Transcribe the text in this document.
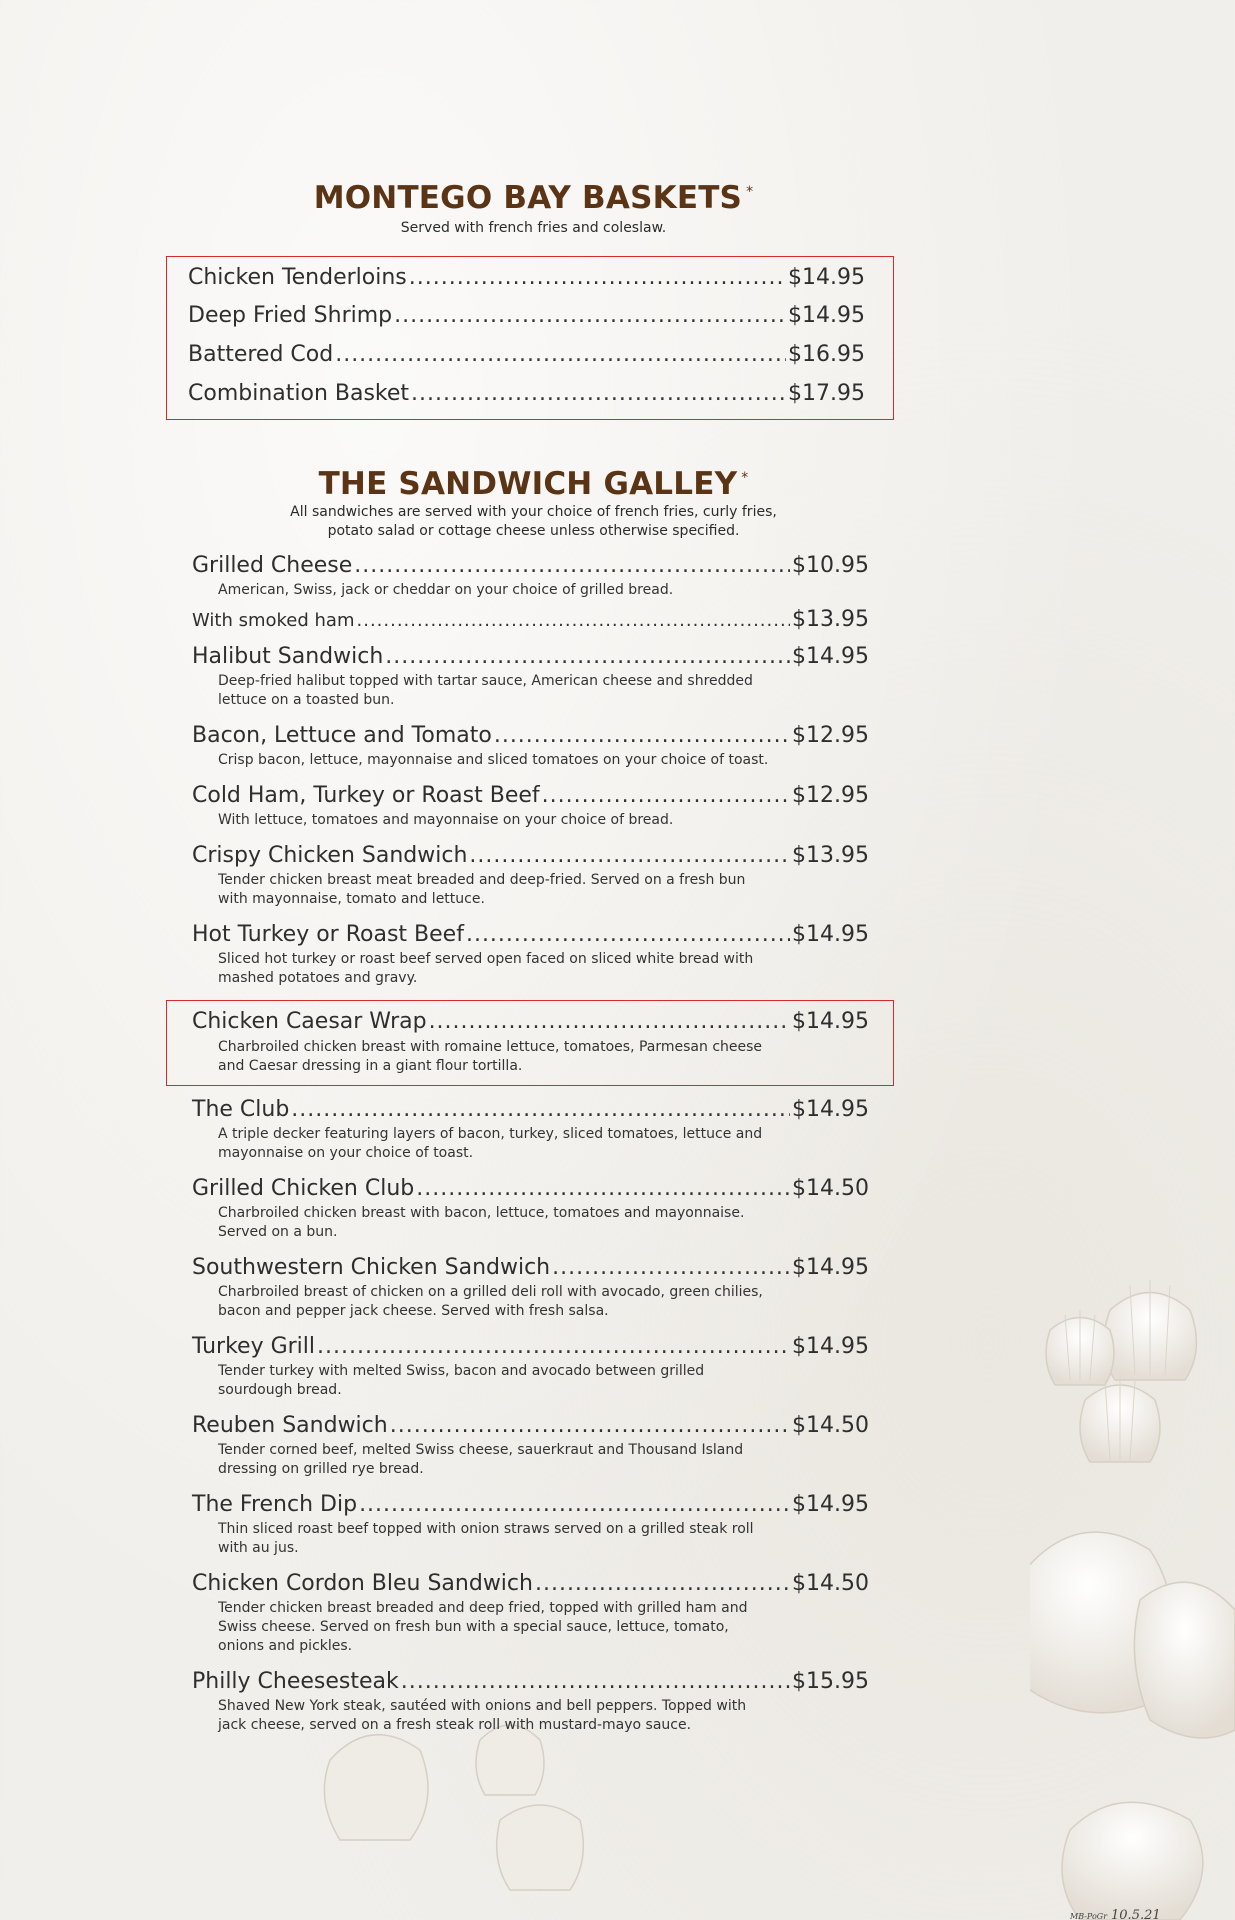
MONTEGO BAY BASKETS *
Served with french fries and coleslaw.
Chicken Tenderloins .....	$14.95
Deep Fried Shrimp .....	$14.95
Battered Cod .....	$16.95
Combination Basket .....	$17.95
THE SANDWICH GALLEY *
All sandwiches are served with your choice of french fries, curly fries,
potato salad or cottage cheese unless otherwise specified.
Grilled Cheese .....	$10.95
American, Swiss, jack or cheddar on your choice of grilled bread.
With smoked ham .....	$13.95
Halibut Sandwich .....	$14.95
Deep-fried halibut topped with tartar sauce, American cheese and shredded
lettuce on a toasted bun.
Bacon, Lettuce and Tomato .....	$12.95
Crisp bacon, lettuce, mayonnaise and sliced tomatoes on your choice of toast.
Cold Ham, Turkey or Roast Beef .....	$12.95
With lettuce, tomatoes and mayonnaise on your choice of bread.
Crispy Chicken Sandwich .....	$13.95
Tender chicken breast meat breaded and deep-fried. Served on a fresh bun
with mayonnaise, tomato and lettuce.
Hot Turkey or Roast Beef .....	$14.95
Sliced hot turkey or roast beef served open faced on sliced white bread with
mashed potatoes and gravy.
Chicken Caesar Wrap .....	$14.95
Charbroiled chicken breast with romaine lettuce, tomatoes, Parmesan cheese
and Caesar dressing in a giant flour tortilla.
The Club .....	$14.95
A triple decker featuring layers of bacon, turkey, sliced tomatoes, lettuce and
mayonnaise on your choice of toast.
Grilled Chicken Club .....	$14.50
Charbroiled chicken breast with bacon, lettuce, tomatoes and mayonnaise.
Served on a bun.
Southwestern Chicken Sandwich .....	$14.95
Charbroiled breast of chicken on a grilled deli roll with avocado, green chilies,
bacon and pepper jack cheese. Served with fresh salsa.
Turkey Grill .....	$14.95
Tender turkey with melted Swiss, bacon and avocado between grilled
sourdough bread.
Reuben Sandwich .....	$14.50
Tender corned beef, melted Swiss cheese, sauerkraut and Thousand Island
dressing on grilled rye bread.
The French Dip .....	$14.95
Thin sliced roast beef topped with onion straws served on a grilled steak roll
with au jus.
Chicken Cordon Bleu Sandwich .....	$14.50
Tender chicken breast breaded and deep fried, topped with grilled ham and
Swiss cheese. Served on fresh bun with a special sauce, lettuce, tomato,
onions and pickles.
Philly Cheesesteak .....	$15.95
Shaved New York steak, sautéed with onions and bell peppers. Topped with
jack cheese, served on a fresh steak roll with mustard-mayo sauce.
MB-PoGr 10.5.21
